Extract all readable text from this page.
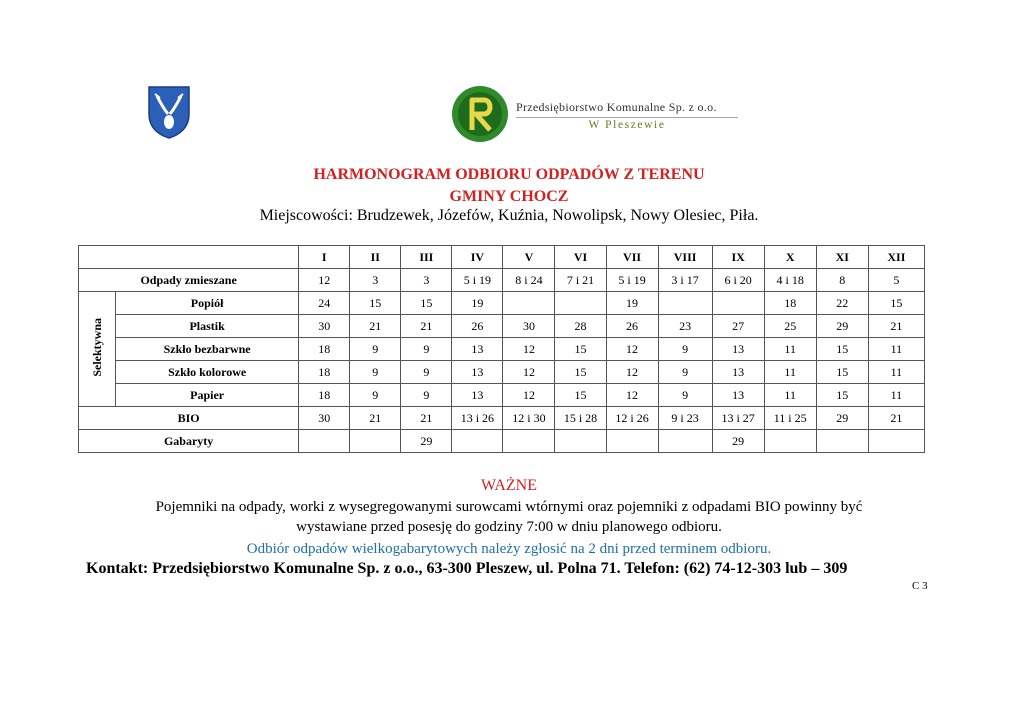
Przedsiębiorstwo Komunalne Sp. z o.o.
W Pleszewie
HARMONOGRAM ODBIORU ODPADÓW Z TERENU
GMINY CHOCZ
Miejscowości: Brudzewek, Józefów, Kuźnia, Nowolipsk, Nowy Olesiec, Piła.
		I	II	III	IV	V	VI	VII	VIII	IX	X	XI	XII
Odpady zmieszane		12	3	3	5 i 19	8 i 24	7 i 21	5 i 19	3 i 17	6 i 20	4 i 18	8	5
Selektywna	Popiół	24	15	15	19			19			18	22	15
	Plastik	30	21	21	26	30	28	26	23	27	25	29	21
	Szkło bezbarwne	18	9	9	13	12	15	12	9	13	11	15	11
	Szkło kolorowe	18	9	9	13	12	15	12	9	13	11	15	11
	Papier	18	9	9	13	12	15	12	9	13	11	15	11
BIO		30	21	21	13 i 26	12 i 30	15 i 28	12 i 26	9 i 23	13 i 27	11 i 25	29	21
Gabaryty				29						29			
WAŻNE
Pojemniki na odpady, worki z wysegregowanymi surowcami wtórnymi oraz pojemniki z odpadami BIO powinny być
wystawiane przed posesję do godziny 7:00 w dniu planowego odbioru.
Odbiór odpadów wielkogabarytowych należy zgłosić na 2 dni przed terminem odbioru.
Kontakt: Przedsiębiorstwo Komunalne Sp. z o.o., 63-300 Pleszew, ul. Polna 71. Telefon: (62) 74-12-303 lub – 309
C 3
